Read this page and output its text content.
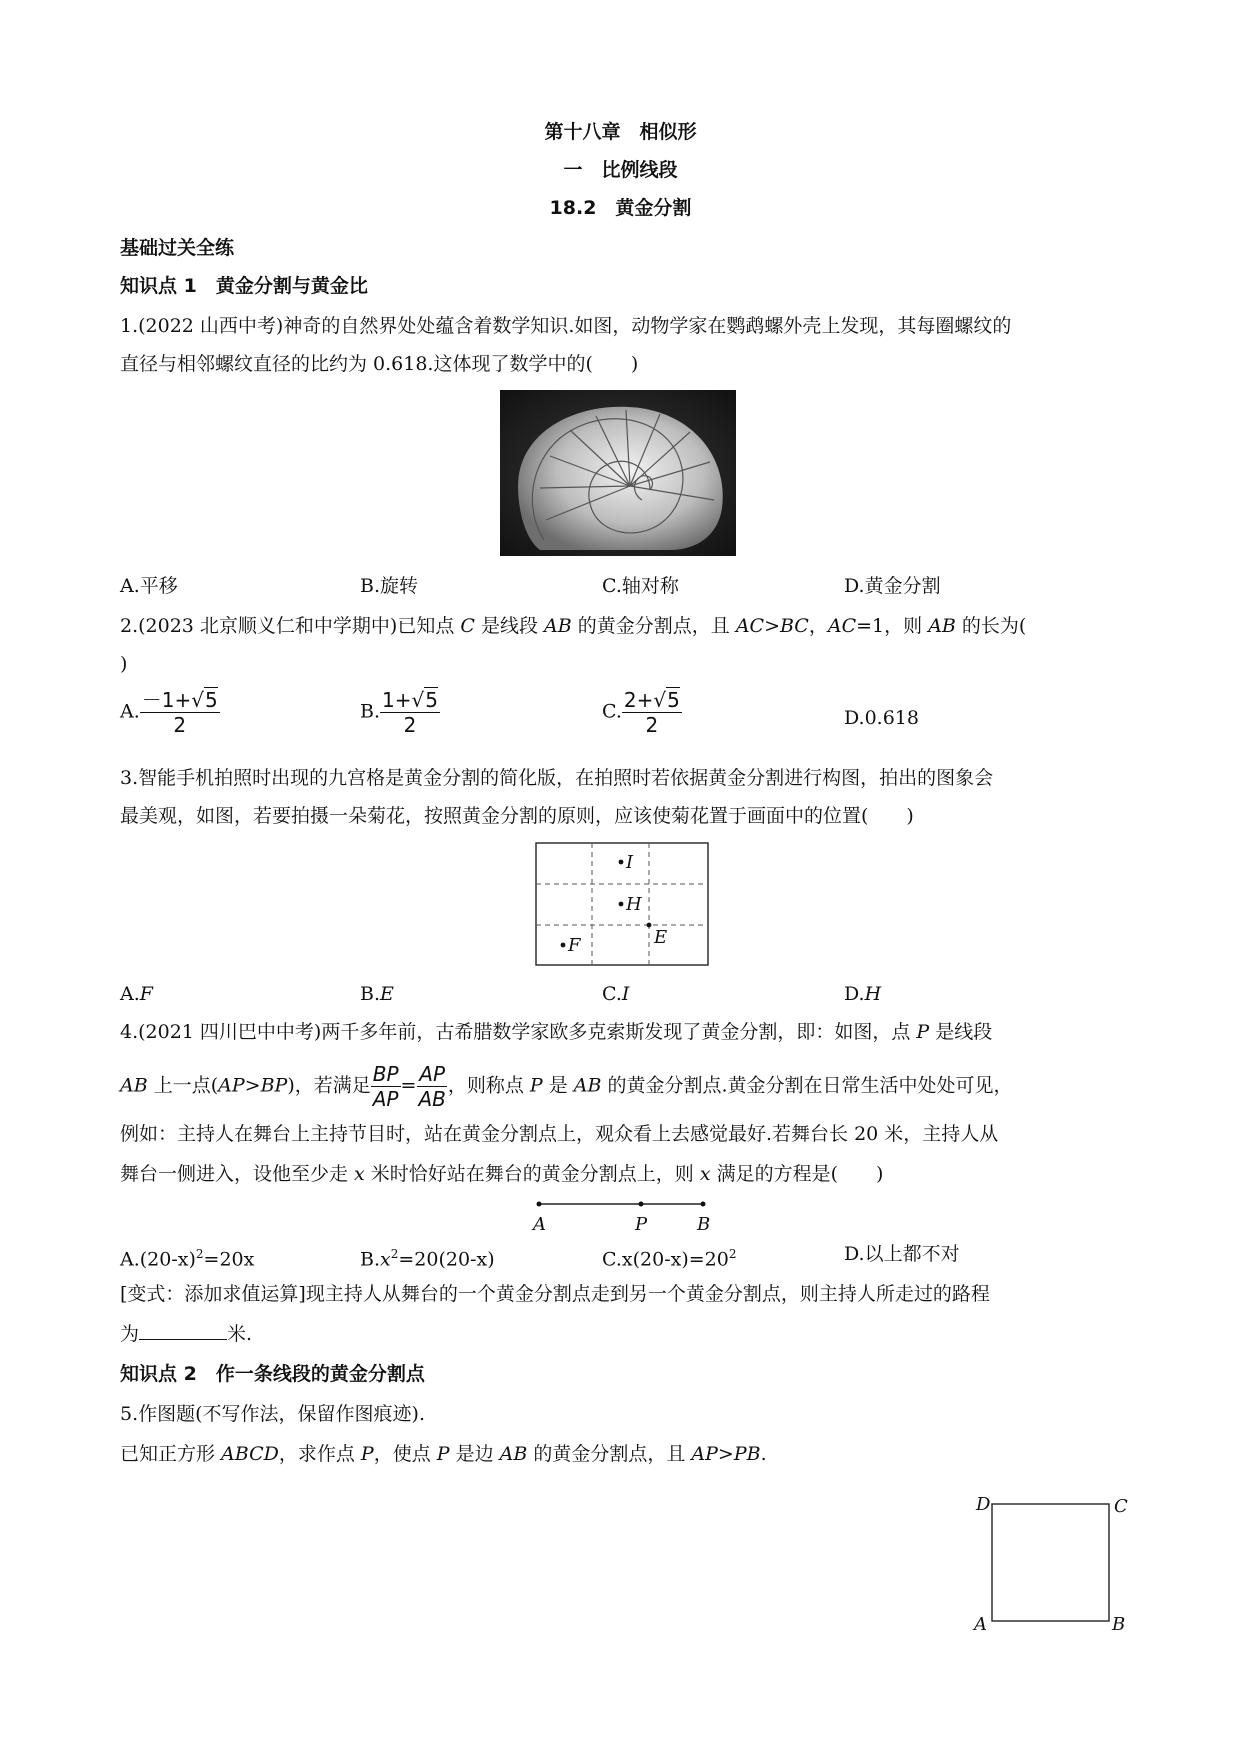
第十八章　相似形
一　比例线段
18.2　黄金分割
基础过关全练
知识点 1　黄金分割与黄金比
1.(2022 山西中考)神奇的自然界处处蕴含着数学知识.如图，动物学家在鹦鹉螺外壳上发现，其每圈螺纹的
直径与相邻螺纹直径的比约为 0.618.这体现了数学中的(　　)
A.平移	B.旋转	C.轴对称	D.黄金分割
2.(2023 北京顺义仁和中学期中)已知点 C 是线段 AB 的黄金分割点，且 AC>BC，AC=1，则 AB 的长为(
)
A. $\frac{-1+√5}{2}$	B. $\frac{1+√5}{2}$	C. $\frac{2+√5}{2}$	D.0.618
3.智能手机拍照时出现的九宫格是黄金分割的简化版，在拍照时若依据黄金分割进行构图，拍出的图象会
最美观，如图，若要拍摄一朵菊花，按照黄金分割的原则，应该使菊花置于画面中的位置(　　)
I
H
E
F
A.F	B.E	C.I	D.H
4.(2021 四川巴中中考)两千多年前，古希腊数学家欧多克索斯发现了黄金分割，即：如图，点 P 是线段
AB 上一点(AP>BP)，若满足 $\frac{BP}{AP} = \frac{AP}{AB}$ ，则称点 P 是 AB 的黄金分割点.黄金分割在日常生活中处处可见，
例如：主持人在舞台上主持节目时，站在黄金分割点上，观众看上去感觉最好.若舞台长 20 米，主持人从
舞台一侧进入，设他至少走 x 米时恰好站在舞台的黄金分割点上，则 x 满足的方程是(　　)
A	P	B
$A.(20-x)^2=20x$	$B.x^2=20(20-x)$	$C.x(20-x)=20^2$	D.以上都不对
[变式：添加求值运算]现主持人从舞台的一个黄金分割点走到另一个黄金分割点，则主持人所走过的路程
为	米.
知识点 2　作一条线段的黄金分割点
5.作图题(不写作法，保留作图痕迹).
已知正方形 ABCD，求作点 P，使点 P 是边 AB 的黄金分割点，且 AP>PB.
D	C
A	B
